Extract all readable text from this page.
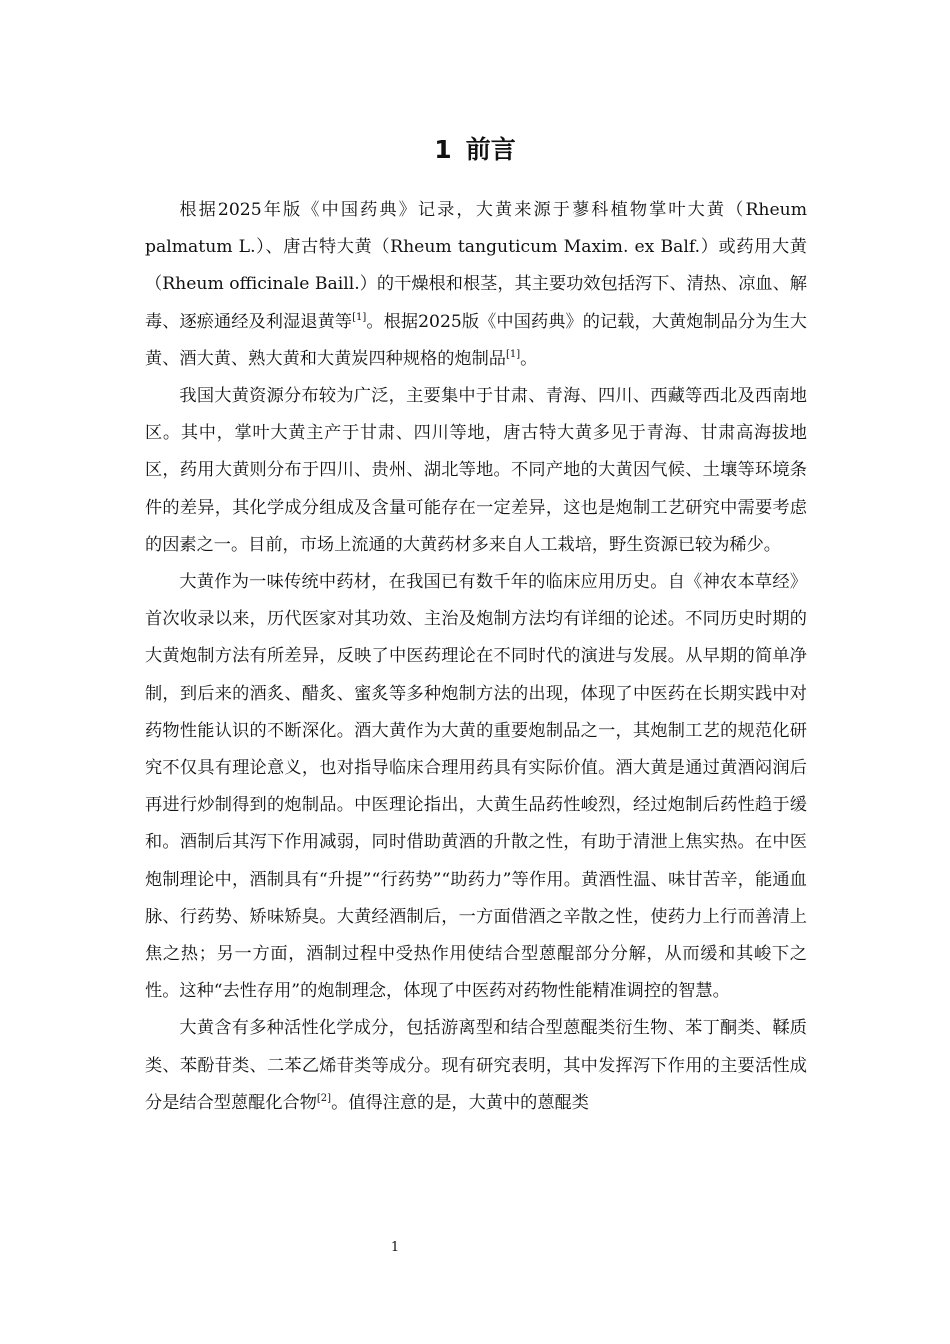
1 前言

根据2025年版《中国药典》记录，大黄来源于蓼科植物掌叶大黄（Rheum palmatum L.）、唐古特大黄（Rheum tanguticum Maxim. ex Balf.）或药用大黄（Rheum officinale Baill.）的干燥根和根茎，其主要功效包括泻下、清热、凉血、解毒、逐瘀通经及利湿退黄等[1]。根据2025版《中国药典》的记载，大黄炮制品分为生大黄、酒大黄、熟大黄和大黄炭四种规格的炮制品[1]。

我国大黄资源分布较为广泛，主要集中于甘肃、青海、四川、西藏等西北及西南地区。其中，掌叶大黄主产于甘肃、四川等地，唐古特大黄多见于青海、甘肃高海拔地区，药用大黄则分布于四川、贵州、湖北等地。不同产地的大黄因气候、土壤等环境条件的差异，其化学成分组成及含量可能存在一定差异，这也是炮制工艺研究中需要考虑的因素之一。目前，市场上流通的大黄药材多来自人工栽培，野生资源已较为稀少。

大黄作为一味传统中药材，在我国已有数千年的临床应用历史。自《神农本草经》首次收录以来，历代医家对其功效、主治及炮制方法均有详细的论述。不同历史时期的大黄炮制方法有所差异，反映了中医药理论在不同时代的演进与发展。从早期的简单净制，到后来的酒炙、醋炙、蜜炙等多种炮制方法的出现，体现了中医药在长期实践中对药物性能认识的不断深化。酒大黄作为大黄的重要炮制品之一，其炮制工艺的规范化研究不仅具有理论意义，也对指导临床合理用药具有实际价值。酒大黄是通过黄酒闷润后再进行炒制得到的炮制品。中医理论指出，大黄生品药性峻烈，经过炮制后药性趋于缓和。酒制后其泻下作用减弱，同时借助黄酒的升散之性，有助于清泄上焦实热。在中医炮制理论中，酒制具有“升提”“行药势”“助药力”等作用。黄酒性温、味甘苦辛，能通血脉、行药势、矫味矫臭。大黄经酒制后，一方面借酒之辛散之性，使药力上行而善清上焦之热；另一方面，酒制过程中受热作用使结合型蒽醌部分分解，从而缓和其峻下之性。这种“去性存用”的炮制理念，体现了中医药对药物性能精准调控的智慧。

大黄含有多种活性化学成分，包括游离型和结合型蒽醌类衍生物、苯丁酮类、鞣质类、苯酚苷类、二苯乙烯苷类等成分。现有研究表明，其中发挥泻下作用的主要活性成分是结合型蒽醌化合物[2]。值得注意的是，大黄中的蒽醌类

1
